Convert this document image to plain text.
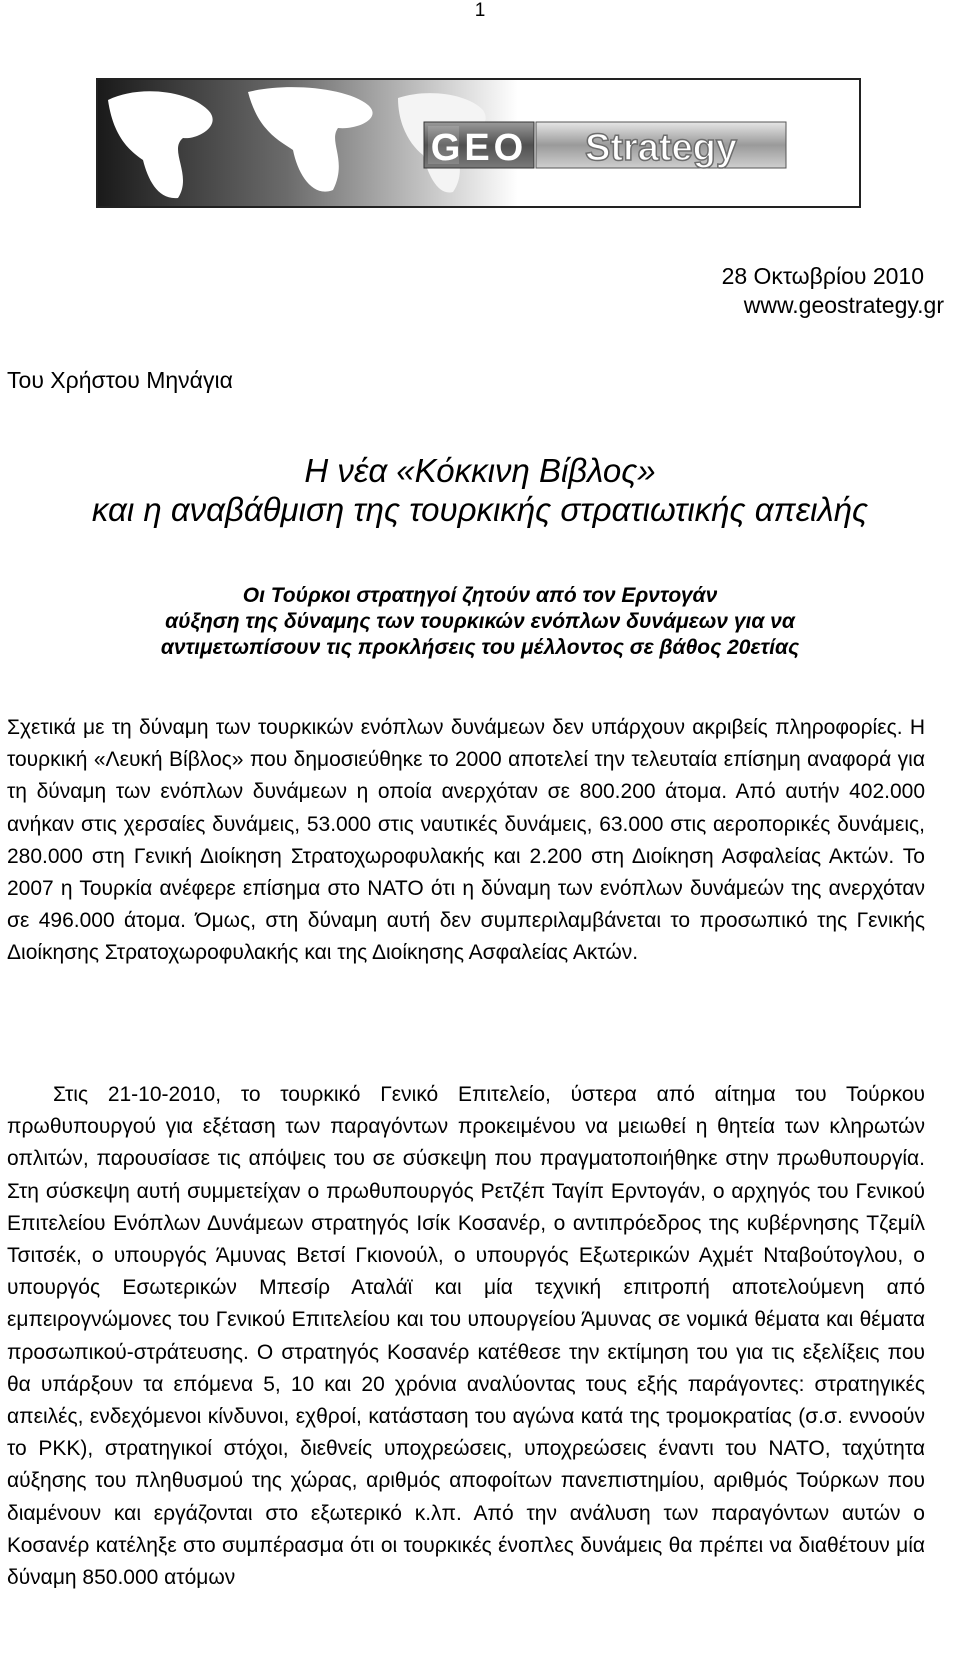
1
GEO Strategy
28 Οκτωβρίου 2010
www.geostrategy.gr
Του Χρήστου Μηνάγια
Η νέα «Κόκκινη Βίβλος»
και η αναβάθμιση της τουρκικής στρατιωτικής απειλής
Οι Τούρκοι στρατηγοί ζητούν από τον Ερντογάν
αύξηση της δύναμης των τουρκικών ενόπλων δυνάμεων για να
αντιμετωπίσουν τις προκλήσεις του μέλλοντος σε βάθος 20ετίας

Σχετικά με τη δύναμη των τουρκικών ενόπλων δυνάμεων δεν υπάρχουν ακριβείς πληροφορίες. Η τουρκική «Λευκή Βίβλος» που δημοσιεύθηκε το 2000 αποτελεί την τελευταία επίσημη αναφορά για τη δύναμη των ενόπλων δυνάμεων η οποία ανερχόταν σε 800.200 άτομα. Από αυτήν 402.000 ανήκαν στις χερσαίες δυνάμεις, 53.000 στις ναυτικές δυνάμεις, 63.000 στις αεροπορικές δυνάμεις, 280.000 στη Γενική Διοίκηση Στρατοχωροφυλακής και 2.200 στη Διοίκηση Ασφαλείας Ακτών. Το 2007 η Τουρκία ανέφερε επίσημα στο ΝΑΤΟ ότι η δύναμη των ενόπλων δυνάμεών της ανερχόταν σε 496.000 άτομα. Όμως, στη δύναμη αυτή δεν συμπεριλαμβάνεται το προσωπικό της Γενικής Διοίκησης Στρατοχωροφυλακής και της Διοίκησης Ασφαλείας Ακτών.

Στις 21-10-2010, το τουρκικό Γενικό Επιτελείο, ύστερα από αίτημα του Τούρκου πρωθυπουργού για εξέταση των παραγόντων προκειμένου να μειωθεί η θητεία των κληρωτών οπλιτών, παρουσίασε τις απόψεις του σε σύσκεψη που πραγματοποιήθηκε στην πρωθυπουργία. Στη σύσκεψη αυτή συμμετείχαν ο πρωθυπουργός Ρετζέπ Ταγίπ Ερντογάν, ο αρχηγός του Γενικού Επιτελείου Ενόπλων Δυνάμεων στρατηγός Ισίκ Κοσανέρ, ο αντιπρόεδρος της κυβέρνησης Τζεμίλ Τσιτσέκ, ο υπουργός Άμυνας Βετσί Γκιονούλ, ο υπουργός Εξωτερικών Αχμέτ Νταβούτογλου, ο υπουργός Εσωτερικών Μπεσίρ Αταλάϊ και μία τεχνική επιτροπή αποτελούμενη από εμπειρογνώμονες του Γενικού Επιτελείου και του υπουργείου Άμυνας σε νομικά θέματα και θέματα προσωπικού-στράτευσης. Ο στρατηγός Κοσανέρ κατέθεσε την εκτίμηση του για τις εξελίξεις που θα υπάρξουν τα επόμενα 5, 10 και 20 χρόνια αναλύοντας τους εξής παράγοντες: στρατηγικές απειλές, ενδεχόμενοι κίνδυνοι, εχθροί, κατάσταση του αγώνα κατά της τρομοκρατίας (σ.σ. εννοούν το ΡΚΚ), στρατηγικοί στόχοι, διεθνείς υποχρεώσεις, υποχρεώσεις έναντι του ΝΑΤΟ, ταχύτητα αύξησης του πληθυσμού της χώρας, αριθμός αποφοίτων πανεπιστημίου, αριθμός Τούρκων που διαμένουν και εργάζονται στο εξωτερικό κ.λπ. Από την ανάλυση των παραγόντων αυτών ο Κοσανέρ κατέληξε στο συμπέρασμα ότι οι τουρκικές ένοπλες δυνάμεις θα πρέπει να διαθέτουν μία δύναμη 850.000 ατόμων
